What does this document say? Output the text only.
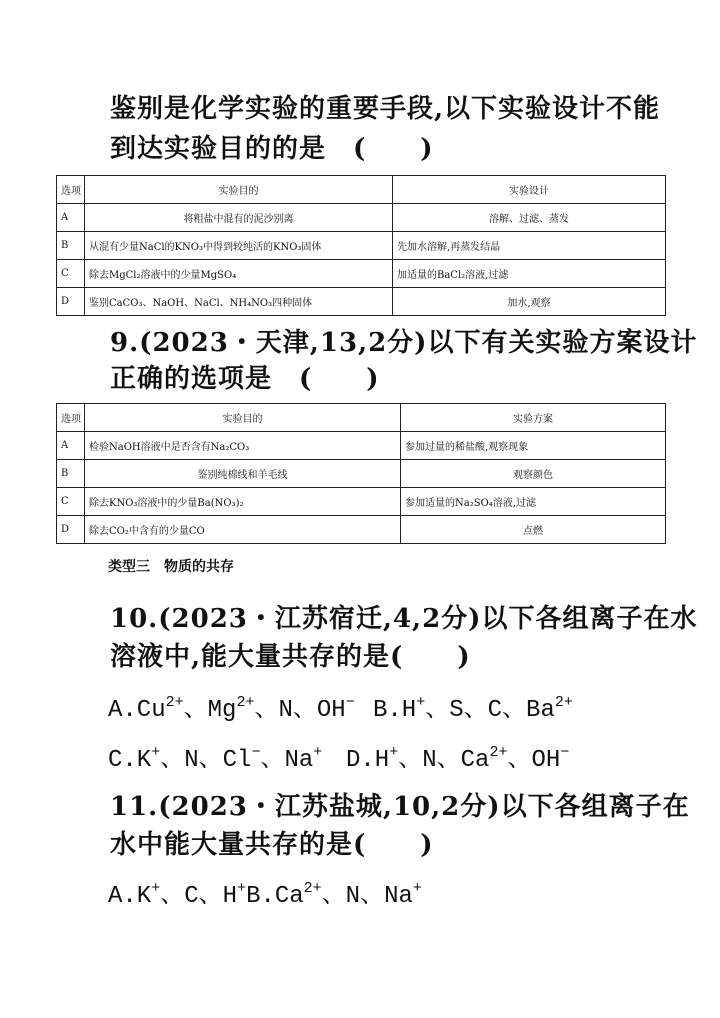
鉴别是化学实验的重要手段,以下实验设计不能
到达实验目的的是　(　　)
选项	实验目的	实验设计
A	将粗盐中混有的泥沙别离	溶解、过滤、蒸发
B	从混有少量NaCl的KNO₃中得到较纯活的KNO₃固体	先加水溶解,再蒸发结晶
C	除去MgCl₂溶液中的少量MgSO₄	加适量的BaCl₂溶液,过滤
D	鉴别CaCO₃、NaOH、NaCl、NH₄NO₃四种固体	加水,观察
9.(2023・天津,13,2分)以下有关实验方案设计
正确的选项是　(　　)
选项	实验目的	实验方案
A	检验NaOH溶液中是否含有Na₂CO₃	参加过量的稀盐酸,观察现象
B	鉴别纯棉线和羊毛线	观察颜色
C	除去KNO₃溶液中的少量Ba(NO₃)₂	参加适量的Na₂SO₄溶液,过滤
D	除去CO₂中含有的少量CO	点燃
类型三　物质的共存
10.(2023・江苏宿迁,4,2分)以下各组离子在水
溶液中,能大量共存的是(　　)
$A.Cu^{2+}$、$Mg^{2+}$、N、OH− B.H+、S、C、$Ba^{2+}$
C.K+、N、Cl−、Na+ D.H+、N、$Ca^{2+}$、OH−
11.(2023・江苏盐城,10,2分)以下各组离子在
水中能大量共存的是(　　)
A.K+、C、$H^+B.Ca^{2+}$、N、Na+
